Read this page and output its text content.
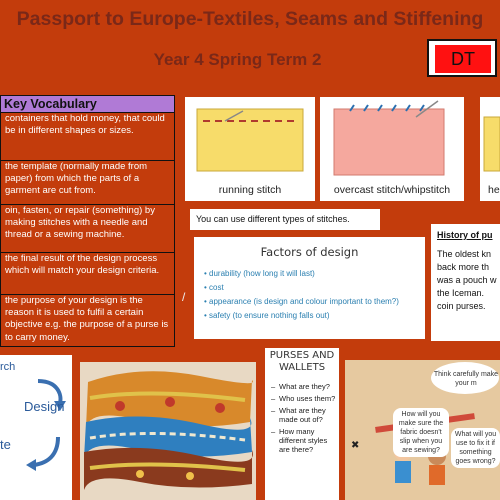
Passport to Europe-Textiles, Seams and Stiffening
Year 4 Spring Term 2	DT
Key Vocabulary
containers that hold money, that could be in different shapes or sizes.
the template (normally made from paper) from which the parts of a garment are cut from.
oin, fasten, or repair (something) by making stitches with a needle and thread or a sewing machine.
the final result of the design process which will match your design criteria.
the purpose of your design is the reason it is used to fulfil a certain objective e.g. the purpose of a purse is to carry money.
running stitch	overcast stitch/whipstitch	he
You can use different types of stitches.
Factors of design
• durability (how long it will last)
• cost
• appearance (is design and colour important to them?)
• safety (to ensure nothing falls out)
/
History of pu
The oldest kn
back more th
was a pouch w
the Iceman.
coin purses.
rch
Design
te
PURSES AND
WALLETS
– What are they?
– Who uses them?
– What are they made out of?
– How many different styles are there?
Think carefully make your m
How will you make sure the fabric doesn't slip when you are sewing?
What will you use to fix it if something goes wrong?
✖
